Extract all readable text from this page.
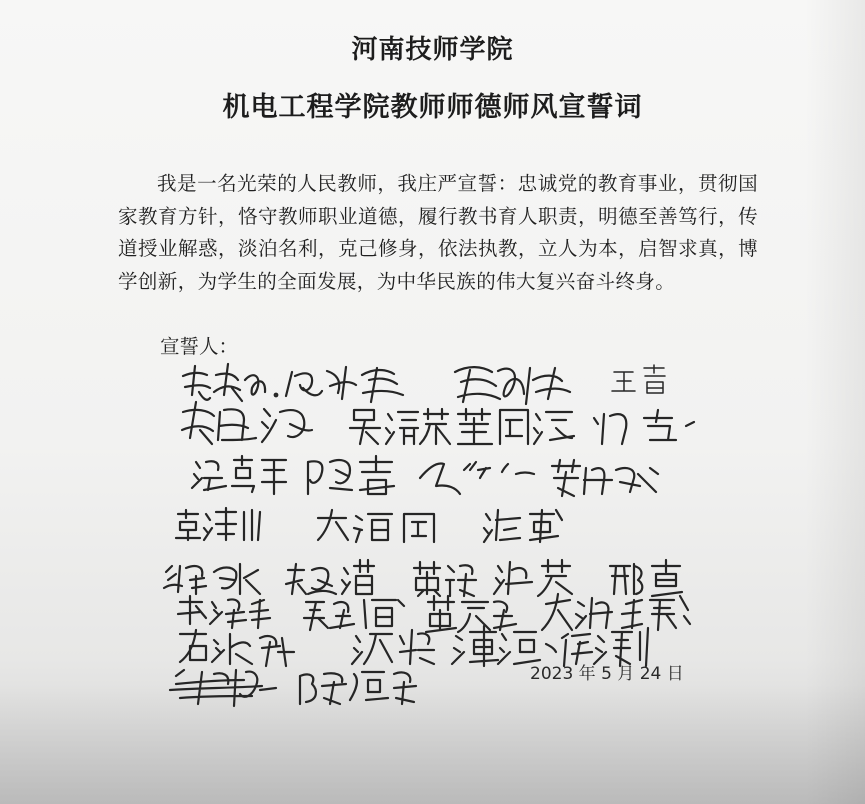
河南技师学院
机电工程学院教师师德师风宣誓词
我是一名光荣的人民教师，我庄严宣誓：忠诚党的教育事业，贯彻国家教育方针，恪守教师职业道德，履行教书育人职责，明德至善笃行，传道授业解惑，淡泊名利，克己修身，依法执教，立人为本，启智求真，博学创新，为学生的全面发展，为中华民族的伟大复兴奋斗终身。
宣誓人：
2023 年 5 月 24 日
